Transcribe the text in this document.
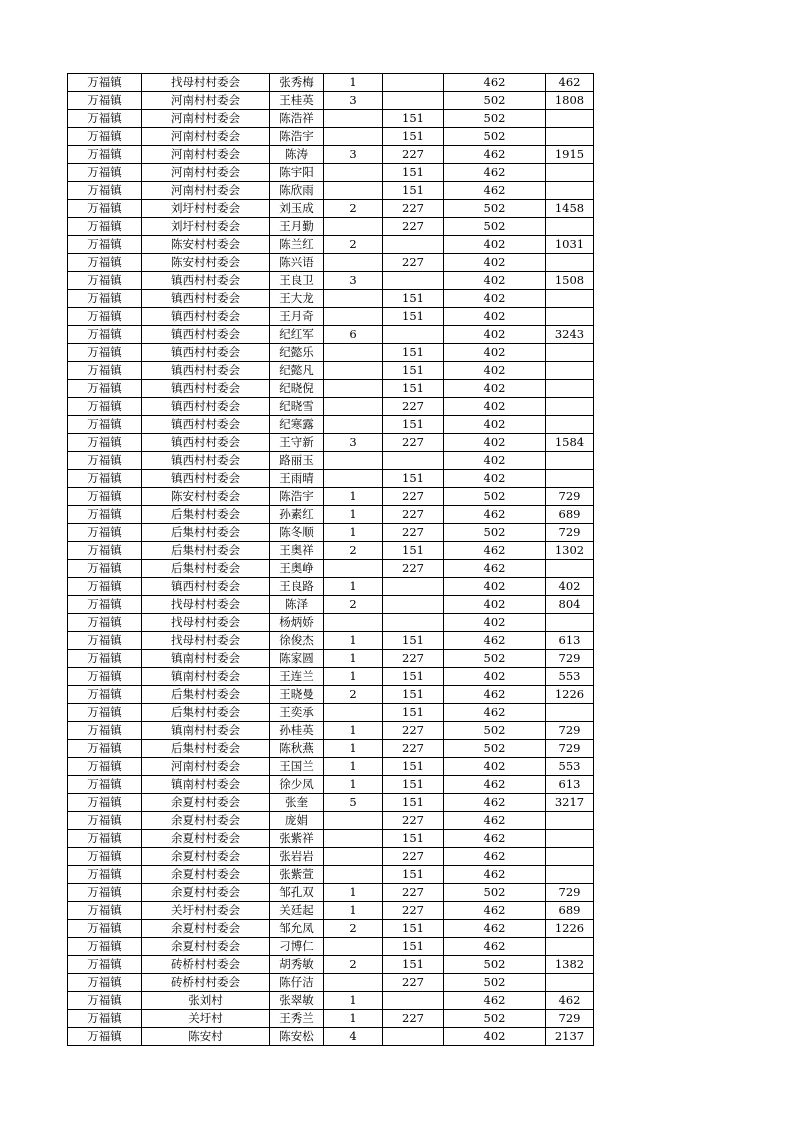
万福镇	找母村村委会	张秀梅	1		462	462
万福镇	河南村村委会	王桂英	3		502	1808
万福镇	河南村村委会	陈浩祥		151	502	
万福镇	河南村村委会	陈浩宇		151	502	
万福镇	河南村村委会	陈涛	3	227	462	1915
万福镇	河南村村委会	陈宇阳		151	462	
万福镇	河南村村委会	陈欣雨		151	462	
万福镇	刘圩村村委会	刘玉成	2	227	502	1458
万福镇	刘圩村村委会	王月勤		227	502	
万福镇	陈安村村委会	陈兰红	2		402	1031
万福镇	陈安村村委会	陈兴语		227	402	
万福镇	镇西村村委会	王良卫	3		402	1508
万福镇	镇西村村委会	王大龙		151	402	
万福镇	镇西村村委会	王月奇		151	402	
万福镇	镇西村村委会	纪红军	6		402	3243
万福镇	镇西村村委会	纪懿乐		151	402	
万福镇	镇西村村委会	纪懿凡		151	402	
万福镇	镇西村村委会	纪晓倪		151	402	
万福镇	镇西村村委会	纪晓雪		227	402	
万福镇	镇西村村委会	纪寒露		151	402	
万福镇	镇西村村委会	王守新	3	227	402	1584
万福镇	镇西村村委会	路丽玉			402	
万福镇	镇西村村委会	王雨晴		151	402	
万福镇	陈安村村委会	陈浩宇	1	227	502	729
万福镇	后集村村委会	孙素红	1	227	462	689
万福镇	后集村村委会	陈冬顺	1	227	502	729
万福镇	后集村村委会	王奥祥	2	151	462	1302
万福镇	后集村村委会	王奥峥		227	462	
万福镇	镇西村村委会	王良路	1		402	402
万福镇	找母村村委会	陈泽	2		402	804
万福镇	找母村村委会	杨炳娇			402	
万福镇	找母村村委会	徐俊杰	1	151	462	613
万福镇	镇南村村委会	陈家圆	1	227	502	729
万福镇	镇南村村委会	王连兰	1	151	402	553
万福镇	后集村村委会	王晓曼	2	151	462	1226
万福镇	后集村村委会	王奕承		151	462	
万福镇	镇南村村委会	孙桂英	1	227	502	729
万福镇	后集村村委会	陈秋燕	1	227	502	729
万福镇	河南村村委会	王国兰	1	151	402	553
万福镇	镇南村村委会	徐少凤	1	151	462	613
万福镇	余夏村村委会	张奎	5	151	462	3217
万福镇	余夏村村委会	庞娟		227	462	
万福镇	余夏村村委会	张紫祥		151	462	
万福镇	余夏村村委会	张岩岩		227	462	
万福镇	余夏村村委会	张紫萱		151	462	
万福镇	余夏村村委会	邹孔双	1	227	502	729
万福镇	关圩村村委会	关廷起	1	227	462	689
万福镇	余夏村村委会	邹允凤	2	151	462	1226
万福镇	余夏村村委会	刁博仁		151	462	
万福镇	砖桥村村委会	胡秀敏	2	151	502	1382
万福镇	砖桥村村委会	陈仔洁		227	502	
万福镇	张刘村	张翠敏	1		462	462
万福镇	关圩村	王秀兰	1	227	502	729
万福镇	陈安村	陈安松	4		402	2137
